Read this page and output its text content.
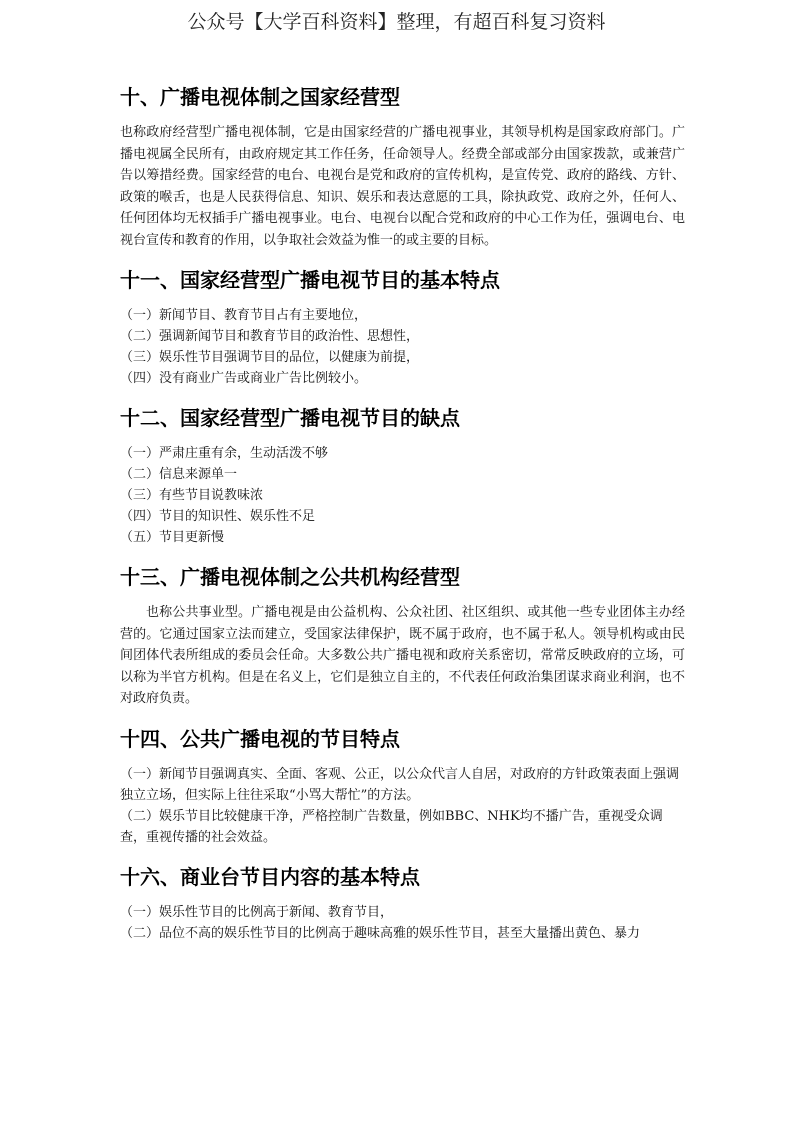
公众号【大学百科资料】整理，有超百科复习资料
十、广播电视体制之国家经营型

也称政府经营型广播电视体制，它是由国家经营的广播电视事业，其领导机构是国家政府部门。广播电视属全民所有，由政府规定其工作任务，任命领导人。经费全部或部分由国家拨款，或兼营广告以筹措经费。国家经营的电台、电视台是党和政府的宣传机构，是宣传党、政府的路线、方针、政策的喉舌，也是人民获得信息、知识、娱乐和表达意愿的工具，除执政党、政府之外，任何人、任何团体均无权插手广播电视事业。电台、电视台以配合党和政府的中心工作为任，强调电台、电视台宣传和教育的作用，以争取社会效益为惟一的或主要的目标。

十一、国家经营型广播电视节目的基本特点
（一）新闻节目、教育节目占有主要地位，
（二）强调新闻节目和教育节目的政治性、思想性，
（三）娱乐性节目强调节目的品位，以健康为前提，
（四）没有商业广告或商业广告比例较小。
十二、国家经营型广播电视节目的缺点
（一）严肃庄重有余，生动活泼不够
（二）信息来源单一
（三）有些节目说教味浓
（四）节目的知识性、娱乐性不足
（五）节目更新慢
十三、广播电视体制之公共机构经营型

也称公共事业型。广播电视是由公益机构、公众社团、社区组织、或其他一些专业团体主办经营的。它通过国家立法而建立，受国家法律保护，既不属于政府，也不属于私人。领导机构或由民间团体代表所组成的委员会任命。大多数公共广播电视和政府关系密切，常常反映政府的立场，可以称为半官方机构。但是在名义上，它们是独立自主的，不代表任何政治集团谋求商业利润，也不对政府负责。

十四、公共广播电视的节目特点
（一）新闻节目强调真实、全面、客观、公正，以公众代言人自居，对政府的方针政策表面上强调独立立场，但实际上往往采取“小骂大帮忙”的方法。
（二）娱乐节目比较健康干净，严格控制广告数量，例如BBC、NHK均不播广告，重视受众调查，重视传播的社会效益。
十六、商业台节目内容的基本特点
（一）娱乐性节目的比例高于新闻、教育节目，
（二）品位不高的娱乐性节目的比例高于趣味高雅的娱乐性节目，甚至大量播出黄色、暴力
